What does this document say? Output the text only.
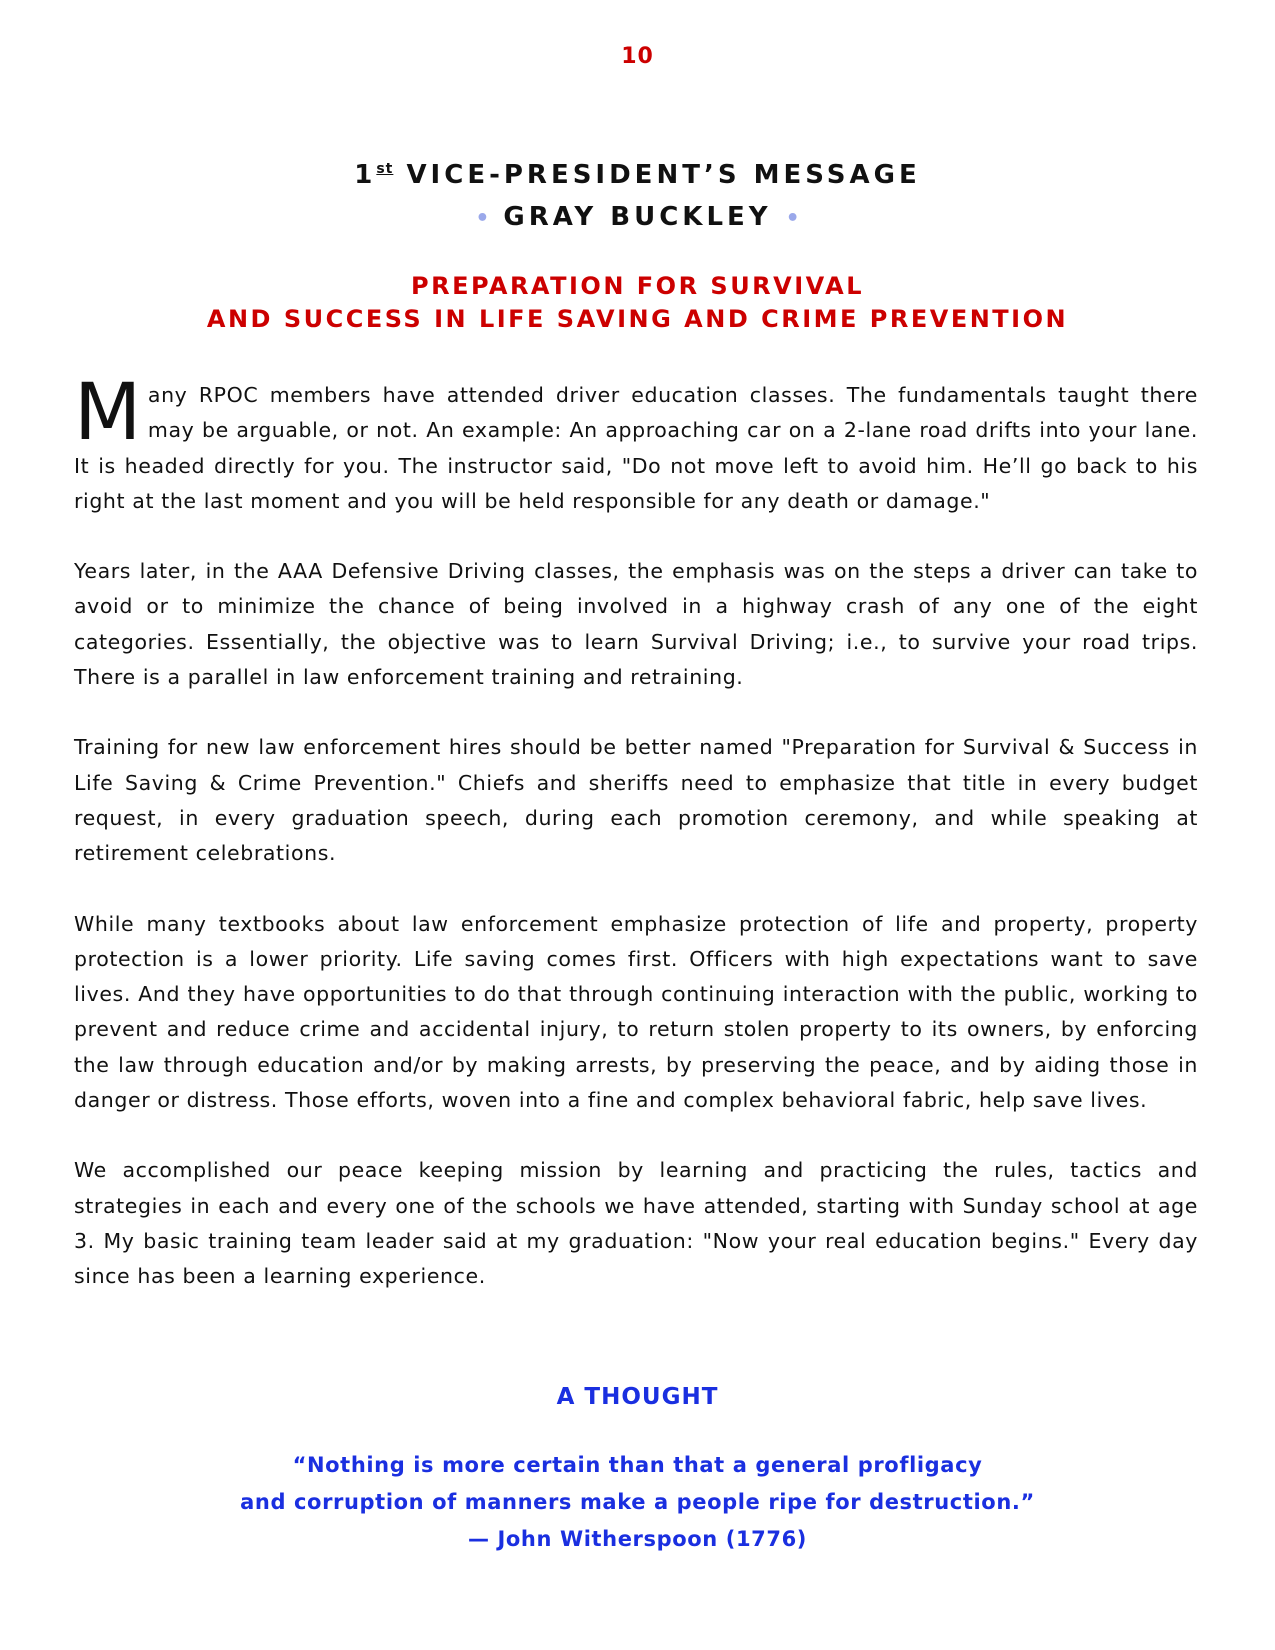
10
1st VICE-PRESIDENT’S MESSAGE
• GRAY BUCKLEY •
PREPARATION FOR SURVIVAL
AND SUCCESS IN LIFE SAVING AND CRIME PREVENTION

Many RPOC members have attended driver education classes. The fundamentals taught there may be arguable, or not. An example: An approaching car on a 2-lane road drifts into your lane. It is headed directly for you. The instructor said, "Do not move left to avoid him. He’ll go back to his right at the last moment and you will be held responsible for any death or damage."

Years later, in the AAA Defensive Driving classes, the emphasis was on the steps a driver can take to avoid or to minimize the chance of being involved in a highway crash of any one of the eight categories. Essentially, the objective was to learn Survival Driving; i.e., to survive your road trips. There is a parallel in law enforcement training and retraining.

Training for new law enforcement hires should be better named "Preparation for Survival & Success in Life Saving & Crime Prevention." Chiefs and sheriffs need to emphasize that title in every budget request, in every graduation speech, during each promotion ceremony, and while speaking at retirement celebrations.

While many textbooks about law enforcement emphasize protection of life and property, property protection is a lower priority. Life saving comes first. Officers with high expectations want to save lives. And they have opportunities to do that through continuing interaction with the public, working to prevent and reduce crime and accidental injury, to return stolen property to its owners, by enforcing the law through education and/or by making arrests, by preserving the peace, and by aiding those in danger or distress. Those efforts, woven into a fine and complex behavioral fabric, help save lives.

We accomplished our peace keeping mission by learning and practicing the rules, tactics and strategies in each and every one of the schools we have attended, starting with Sunday school at age 3. My basic training team leader said at my graduation: "Now your real education begins." Every day since has been a learning experience.

A THOUGHT
“Nothing is more certain than that a general profligacy
and corruption of manners make a people ripe for destruction.”
— John Witherspoon (1776)
